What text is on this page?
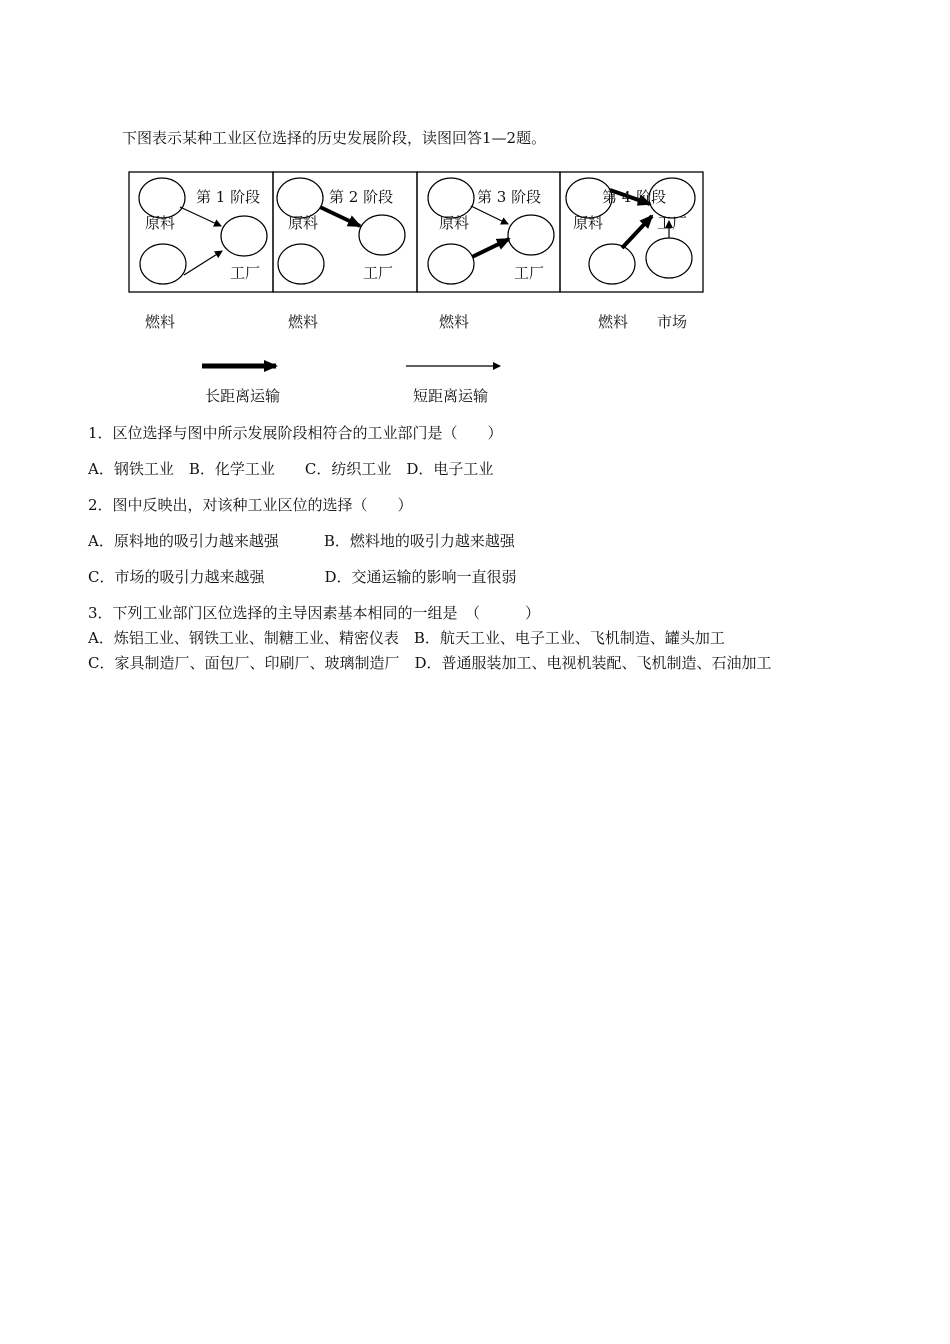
下图表示某种工业区位选择的历史发展阶段，读图回答1—2题。
第 1 阶段
原料
工厂
燃料
第 2 阶段
原料
工厂
燃料
第 3 阶段
原料
工厂
燃料
第 4 阶段
原料	工厂
燃料 市场
长距离运输	短距离运输
1．区位选择与图中所示发展阶段相符合的工业部门是（　　）
A．钢铁工业　B．化学工业　　C．纺织工业　D．电子工业
2．图中反映出，对该种工业区位的选择（　　）
A．原料地的吸引力越来越强　　　B．燃料地的吸引力越来越强
C．市场的吸引力越来越强　　　　D．交通运输的影响一直很弱
3．下列工业部门区位选择的主导因素基本相同的一组是　（　　　）
A．炼铝工业、钢铁工业、制糖工业、精密仪表　B．航天工业、电子工业、飞机制造、罐头加工
C．家具制造厂、面包厂、印刷厂、玻璃制造厂　D．普通服装加工、电视机装配、飞机制造、石油加工
